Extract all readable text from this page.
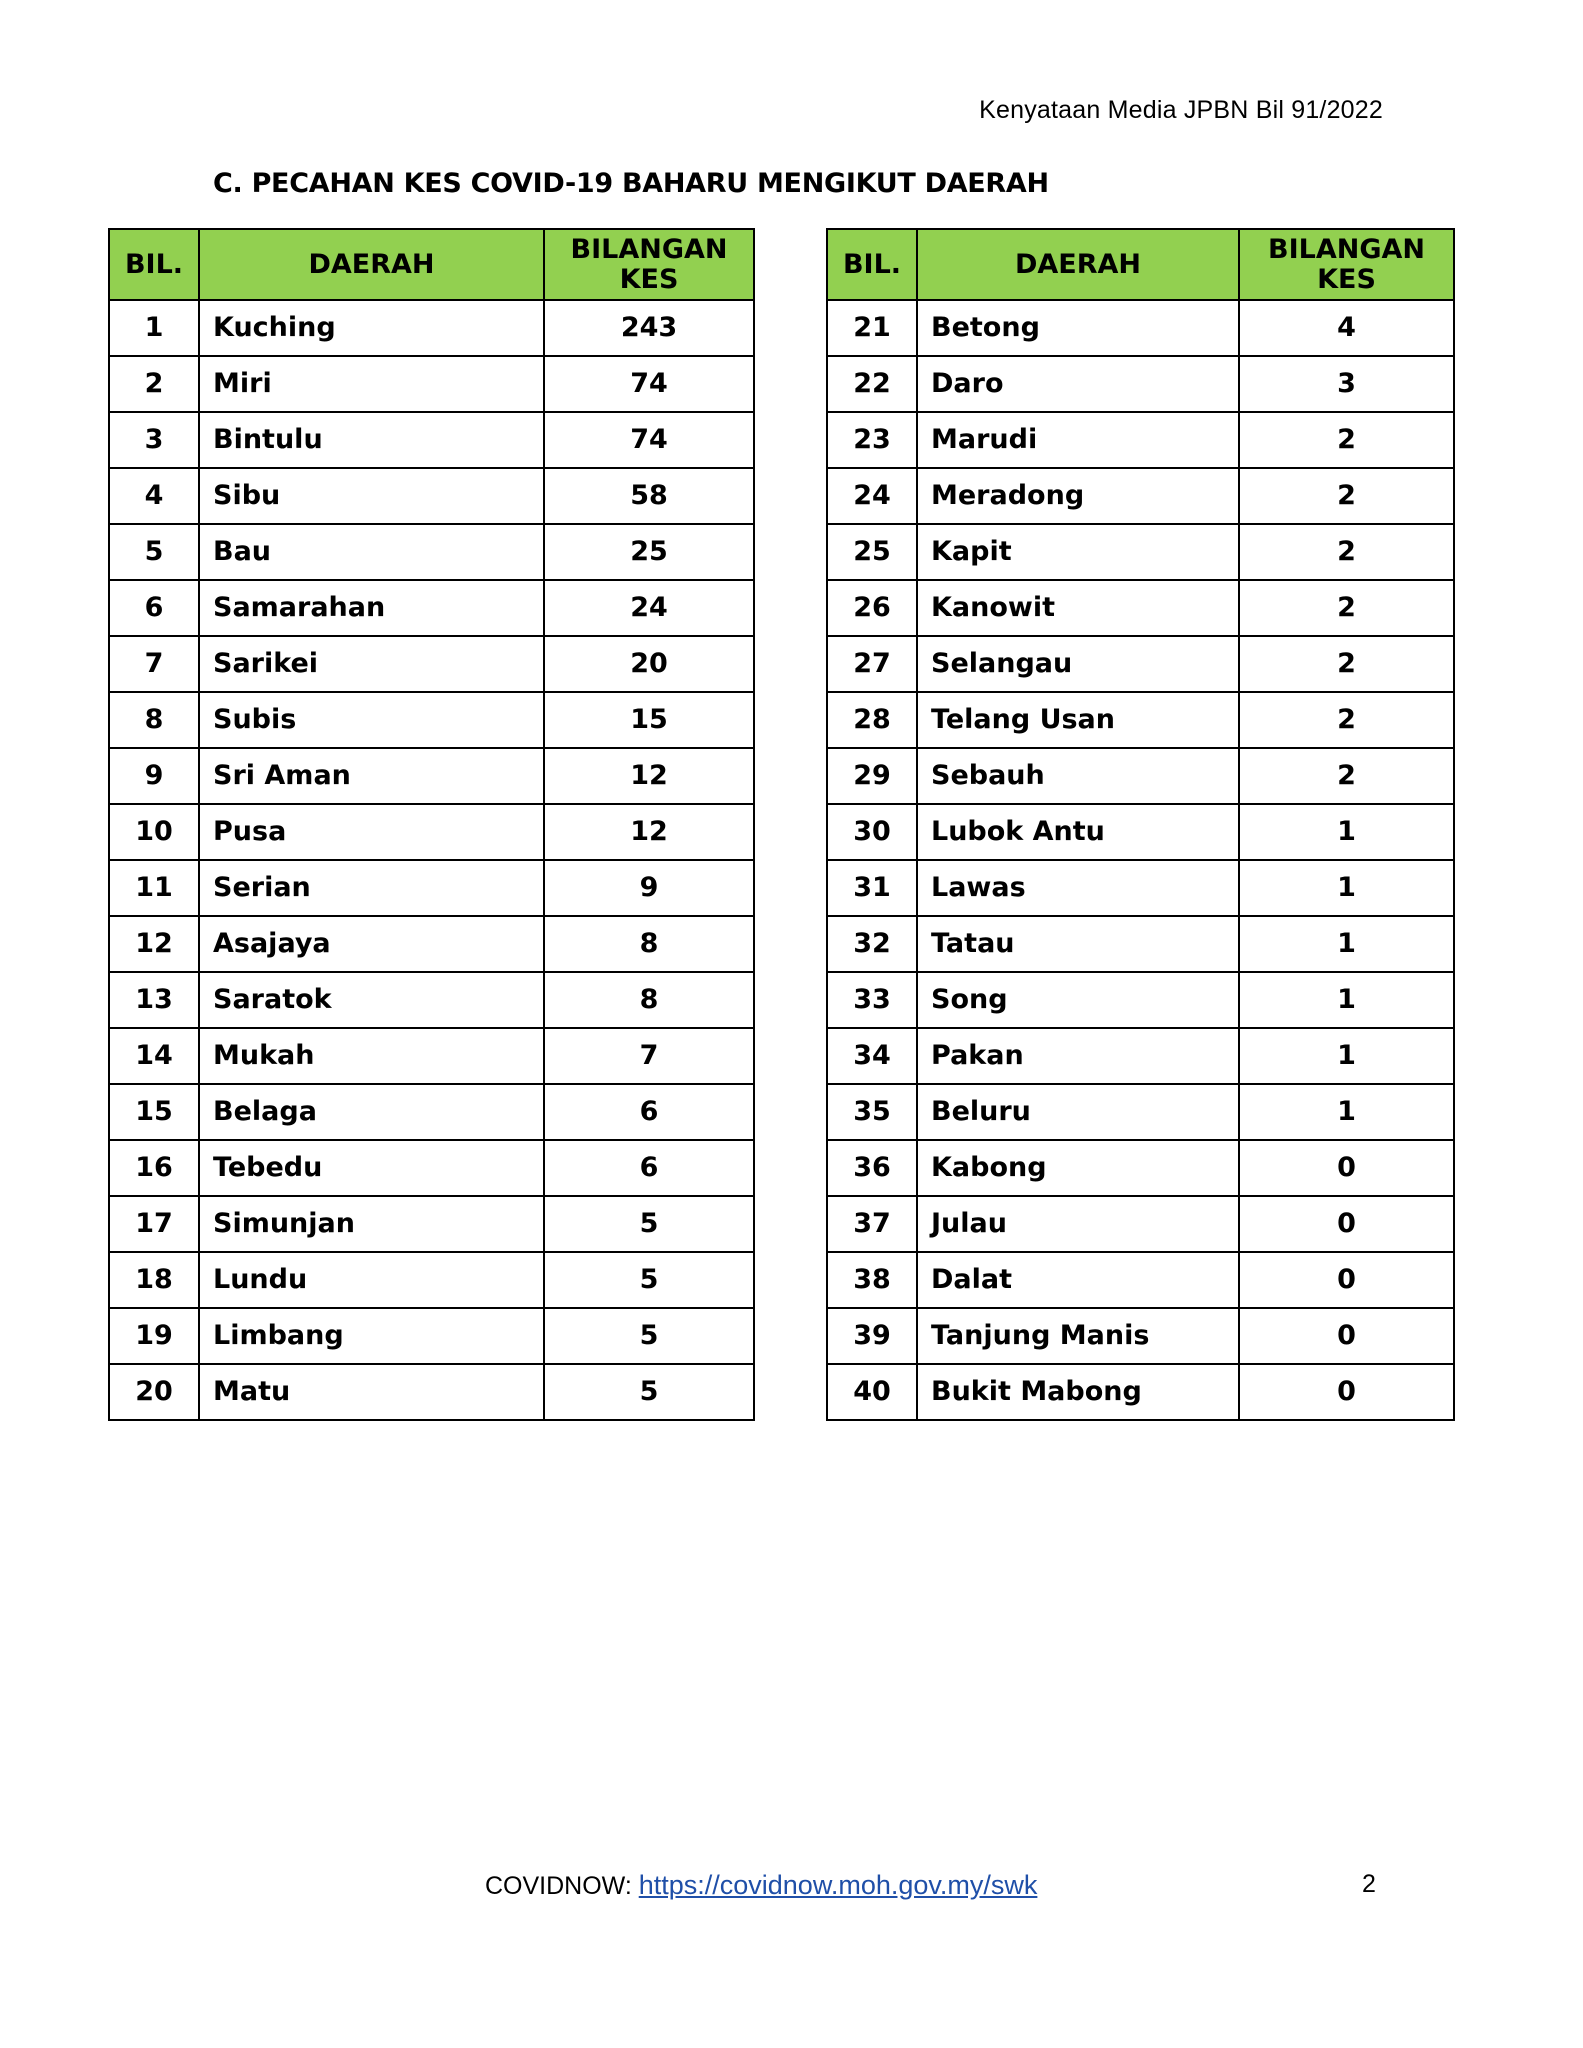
Kenyataan Media JPBN Bil 91/2022
C. PECAHAN KES COVID-19 BAHARU MENGIKUT DAERAH
BIL.	DAERAH	BILANGAN
KES
1	Kuching	243
2	Miri	74
3	Bintulu	74
4	Sibu	58
5	Bau	25
6	Samarahan	24
7	Sarikei	20
8	Subis	15
9	Sri Aman	12
10	Pusa	12
11	Serian	9
12	Asajaya	8
13	Saratok	8
14	Mukah	7
15	Belaga	6
16	Tebedu	6
17	Simunjan	5
18	Lundu	5
19	Limbang	5
20	Matu	5
BIL.	DAERAH	BILANGAN
KES
21	Betong	4
22	Daro	3
23	Marudi	2
24	Meradong	2
25	Kapit	2
26	Kanowit	2
27	Selangau	2
28	Telang Usan	2
29	Sebauh	2
30	Lubok Antu	1
31	Lawas	1
32	Tatau	1
33	Song	1
34	Pakan	1
35	Beluru	1
36	Kabong	0
37	Julau	0
38	Dalat	0
39	Tanjung Manis	0
40	Bukit Mabong	0
COVIDNOW: https://covidnow.moh.gov.my/swk	2
